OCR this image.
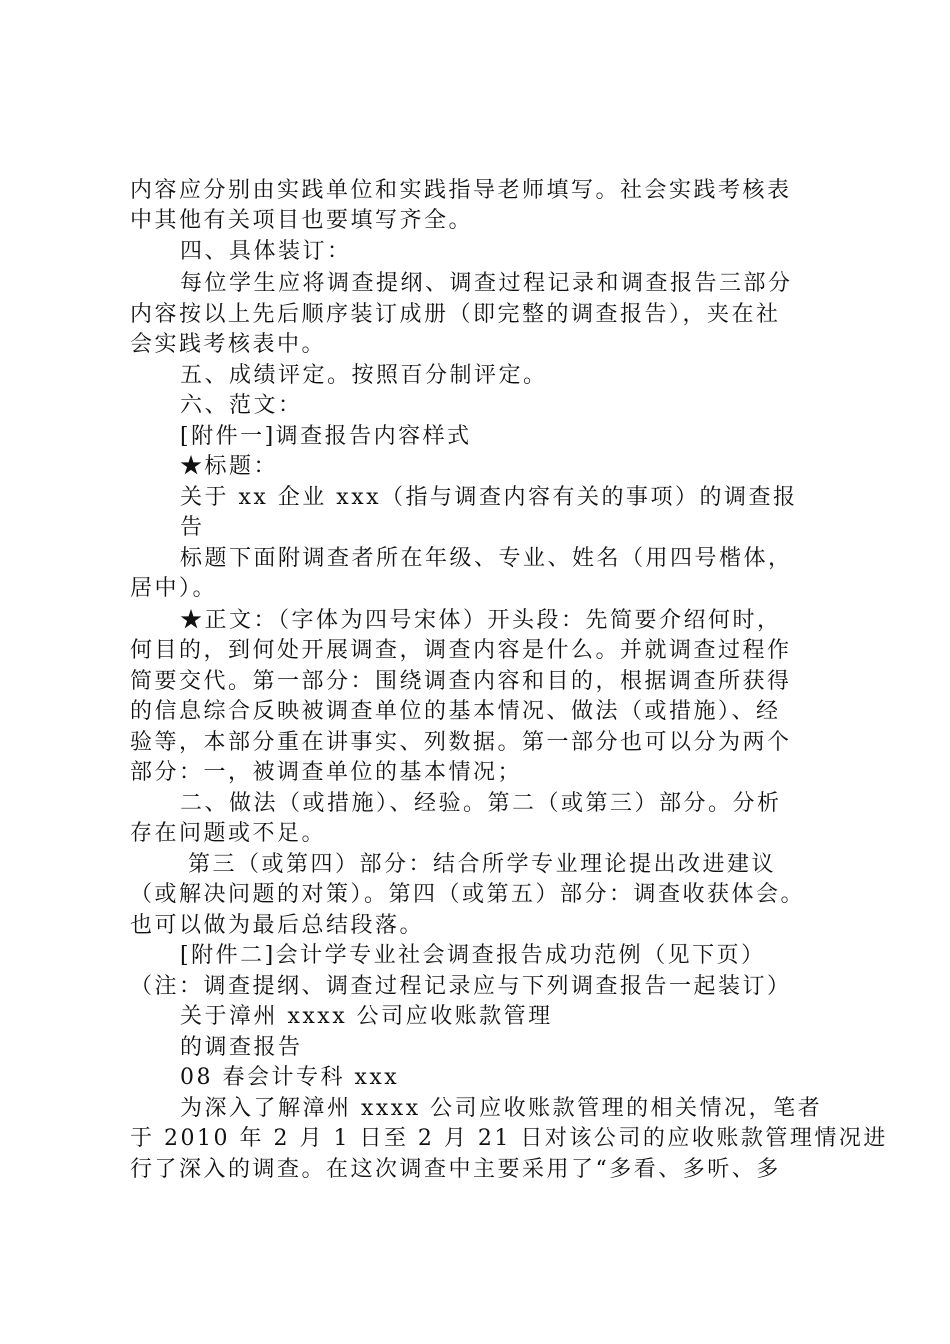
内容应分别由实践单位和实践指导老师填写。社会实践考核表
中其他有关项目也要填写齐全。
四、具体装订：
每位学生应将调查提纲、调查过程记录和调查报告三部分
内容按以上先后顺序装订成册（即完整的调查报告），夹在社
会实践考核表中。
五、成绩评定。按照百分制评定。
六、范文：
[附件一]调查报告内容样式
★标题：
关于 xx 企业 xxx（指与调查内容有关的事项）的调查报
告
标题下面附调查者所在年级、专业、姓名（用四号楷体，
居中）。
★正文：（字体为四号宋体）开头段：先简要介绍何时，
何目的，到何处开展调查，调查内容是什么。并就调查过程作
简要交代。第一部分：围绕调查内容和目的，根据调查所获得
的信息综合反映被调查单位的基本情况、做法（或措施）、经
验等，本部分重在讲事实、列数据。第一部分也可以分为两个
部分：一，被调查单位的基本情况；
二、做法（或措施）、经验。第二（或第三）部分。分析
存在问题或不足。
第三（或第四）部分：结合所学专业理论提出改进建议
（或解决问题的对策）。第四（或第五）部分：调查收获体会。
也可以做为最后总结段落。
[附件二]会计学专业社会调查报告成功范例（见下页）
（注：调查提纲、调查过程记录应与下列调查报告一起装订）
关于漳州 xxxx 公司应收账款管理
的调查报告
08 春会计专科 xxx
为深入了解漳州 xxxx 公司应收账款管理的相关情况，笔者
于 2010 年 2 月 1 日至 2 月 21 日对该公司的应收账款管理情况进
行了深入的调查。在这次调查中主要采用了“多看、多听、多
